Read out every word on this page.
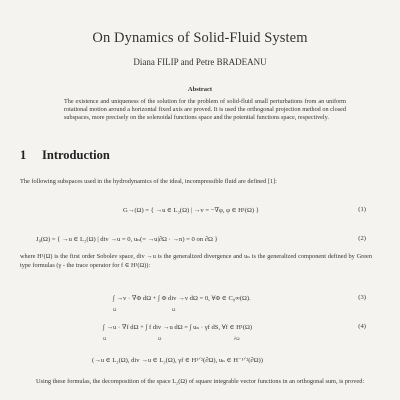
On Dynamics of Solid-Fluid System
Diana FILIP and Petre BRADEANU
Abstract
The existence and uniqueness of the solution for the problem of solid-fluid small perturbations from an uniform rotational motion around a horizontal fixed axis are proved. It is used the orthogonal projection method on closed subspaces, more precisely on the solenoidal functions space and the potential functions space, respectively.
1 Introduction
The following subspaces used in the hydrodynamics of the ideal, incompressible fluid are defined [1]:
G→(Ω) = { →u ∈ L₂(Ω) | →v = −∇φ, φ ∈ H¹(Ω) }	(1)
J₀(Ω) = { →u ∈ L₂(Ω) | div →u = 0, uₙ(= →u|∂Ω · →n) = 0 on ∂Ω }	(2)
where H¹(Ω) is the first order Sobolev space, div →u is the generalized divergence and uₙ is the generalized component defined by Green type formulas (γ - the trace operator for f ∈ H¹(Ω)):
∫ →v · ∇Φ dΩ + ∫ Φ div →v dΩ = 0, ∀Φ ∈ C₀∞(Ω).	(3)
Ω	Ω
∫ →u · ∇f dΩ + ∫ f div →u dΩ = ∫ uₙ · γf dS, ∀f ∈ H¹(Ω)	(4)
Ω	Ω	∂Ω
(→u ∈ L₂(Ω), div →u ∈ L₂(Ω), γf ∈ H¹ᐟ²(∂Ω), uₙ ∈ H⁻¹ᐟ²(∂Ω))
Using these formulas, the decomposition of the space L₂(Ω) of square integrable vector functions in an orthogonal sum, is proved:
